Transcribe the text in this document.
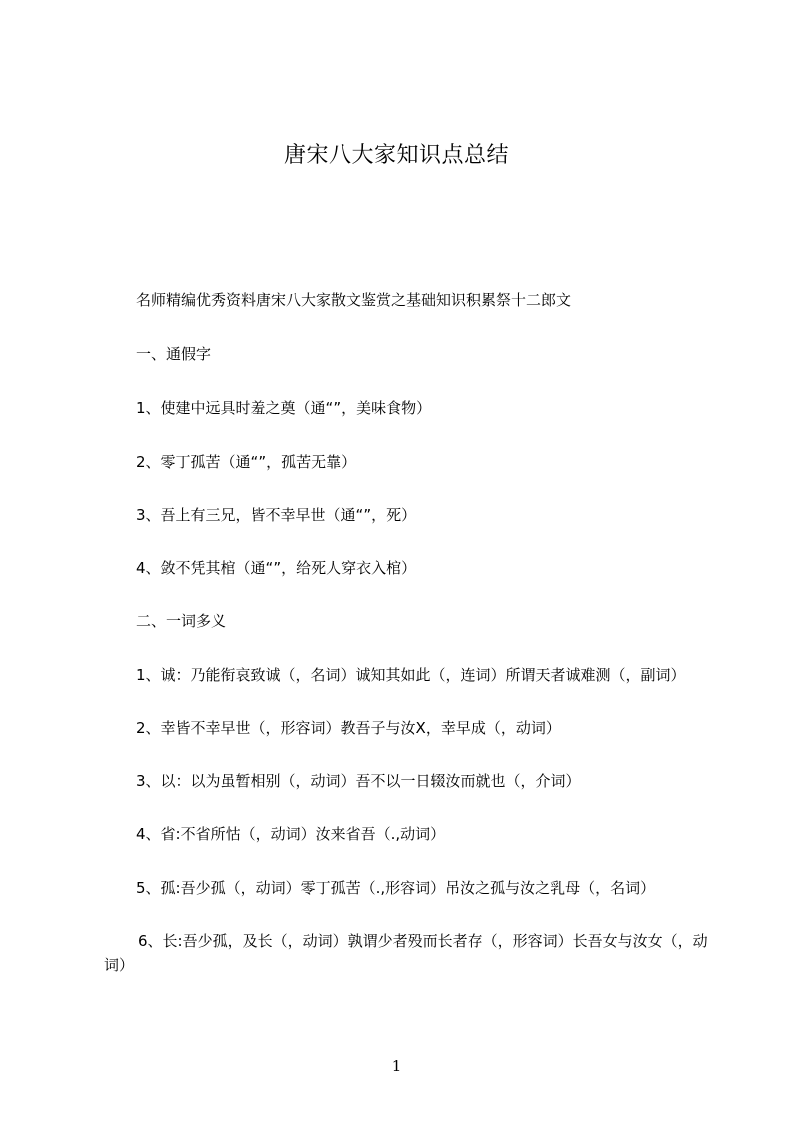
唐宋八大家知识点总结
名师精编优秀资料唐宋八大家散文鉴赏之基础知识积累祭十二郎文
一、通假字
1、使建中远具时羞之奠（通“”，美味食物）
2、零丁孤苦（通“”，孤苦无靠）
3、吾上有三兄，皆不幸早世（通“”，死）
4、敛不凭其棺（通“”，给死人穿衣入棺）
二、一词多义
1、诚：乃能衔哀致诚（，名词）诚知其如此（，连词）所谓天者诚难测（，副词）
2、幸皆不幸早世（，形容词）教吾子与汝X，幸早成（，动词）
3、以：以为虽暂相别（，动词）吾不以一日辍汝而就也（，介词）
4、省:不省所怙（，动词）汝来省吾（.,动词）
5、孤:吾少孤（，动词）零丁孤苦（.,形容词）吊汝之孤与汝之乳母（，名词）
6、长:吾少孤，及长（，动词）孰谓少者殁而长者存（，形容词）长吾女与汝女（，动词）
1
